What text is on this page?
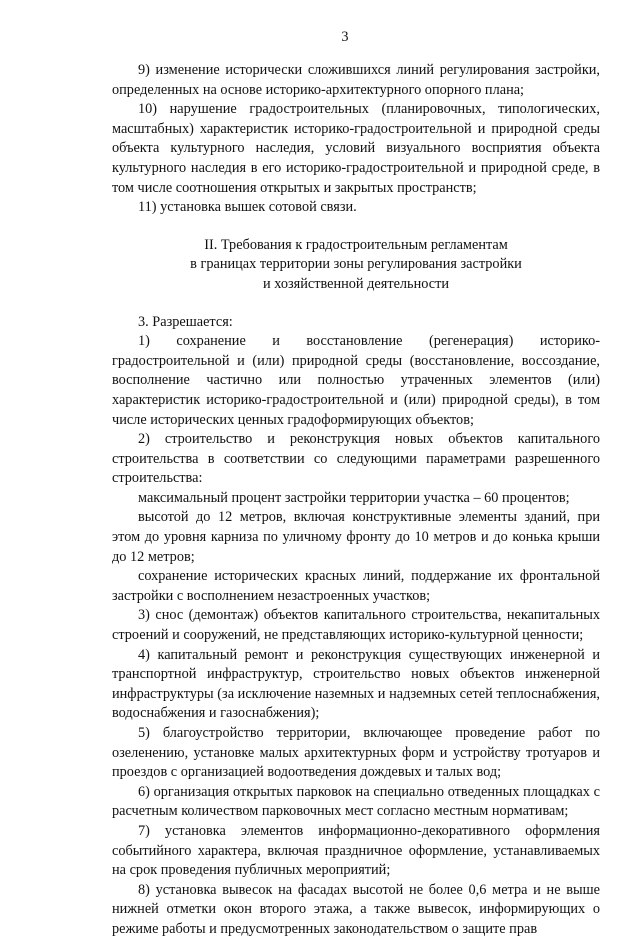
3

9) изменение исторически сложившихся линий регулирования застройки, определенных на основе историко-архитектурного опорного плана;

10) нарушение градостроительных (планировочных, типологических, масштабных) характеристик историко-градостроительной и природной среды объекта культурного наследия, условий визуального восприятия объекта культурного наследия в его историко-градостроительной и природной среде, в том числе соотношения открытых и закрытых пространств;

11) установка вышек сотовой связи.

II. Требования к градостроительным регламентам
в границах территории зоны регулирования застройки
и хозяйственной деятельности

3. Разрешается:

1) сохранение и восстановление (регенерация) историко-градостроительной и (или) природной среды (восстановление, воссоздание, восполнение частично или полностью утраченных элементов (или) характеристик историко-градостроительной и (или) природной среды), в том числе исторических ценных градоформирующих объектов;

2) строительство и реконструкция новых объектов капитального строительства в соответствии со следующими параметрами разрешенного строительства:

максимальный процент застройки территории участка – 60 процентов;

высотой до 12 метров, включая конструктивные элементы зданий, при этом до уровня карниза по уличному фронту до 10 метров и до конька крыши до 12 метров;

сохранение исторических красных линий, поддержание их фронтальной застройки с восполнением незастроенных участков;

3) снос (демонтаж) объектов капитального строительства, некапитальных строений и сооружений, не представляющих историко-культурной ценности;

4) капитальный ремонт и реконструкция существующих инженерной и транспортной инфраструктур, строительство новых объектов инженерной инфраструктуры (за исключение наземных и надземных сетей теплоснабжения, водоснабжения и газоснабжения);

5) благоустройство территории, включающее проведение работ по озеленению, установке малых архитектурных форм и устройству тротуаров и проездов с организацией водоотведения дождевых и талых вод;

6) организация открытых парковок на специально отведенных площадках с расчетным количеством парковочных мест согласно местным нормативам;

7) установка элементов информационно-декоративного оформления событийного характера, включая праздничное оформление, устанавливаемых на срок проведения публичных мероприятий;

8) установка вывесок на фасадах высотой не более 0,6 метра и не выше нижней отметки окон второго этажа, а также вывесок, информирующих о режиме работы и предусмотренных законодательством о защите прав
